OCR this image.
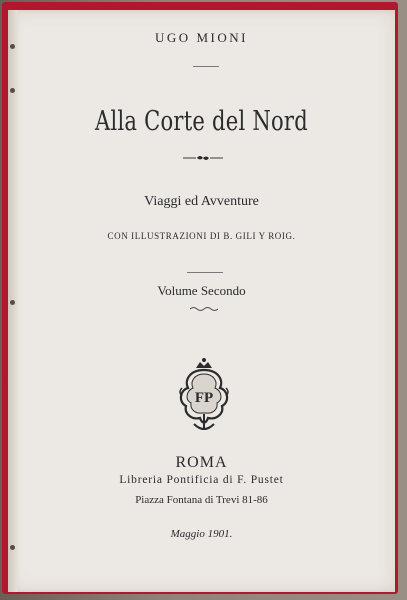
UGO MIONI
Alla Corte del Nord
Viaggi ed Avventure
CON ILLUSTRAZIONI DI B. GILI Y ROIG.
Volume Secondo
FP
ROMA
Libreria Pontificia di F. Pustet
Piazza Fontana di Trevi 81-86
Maggio 1901.
